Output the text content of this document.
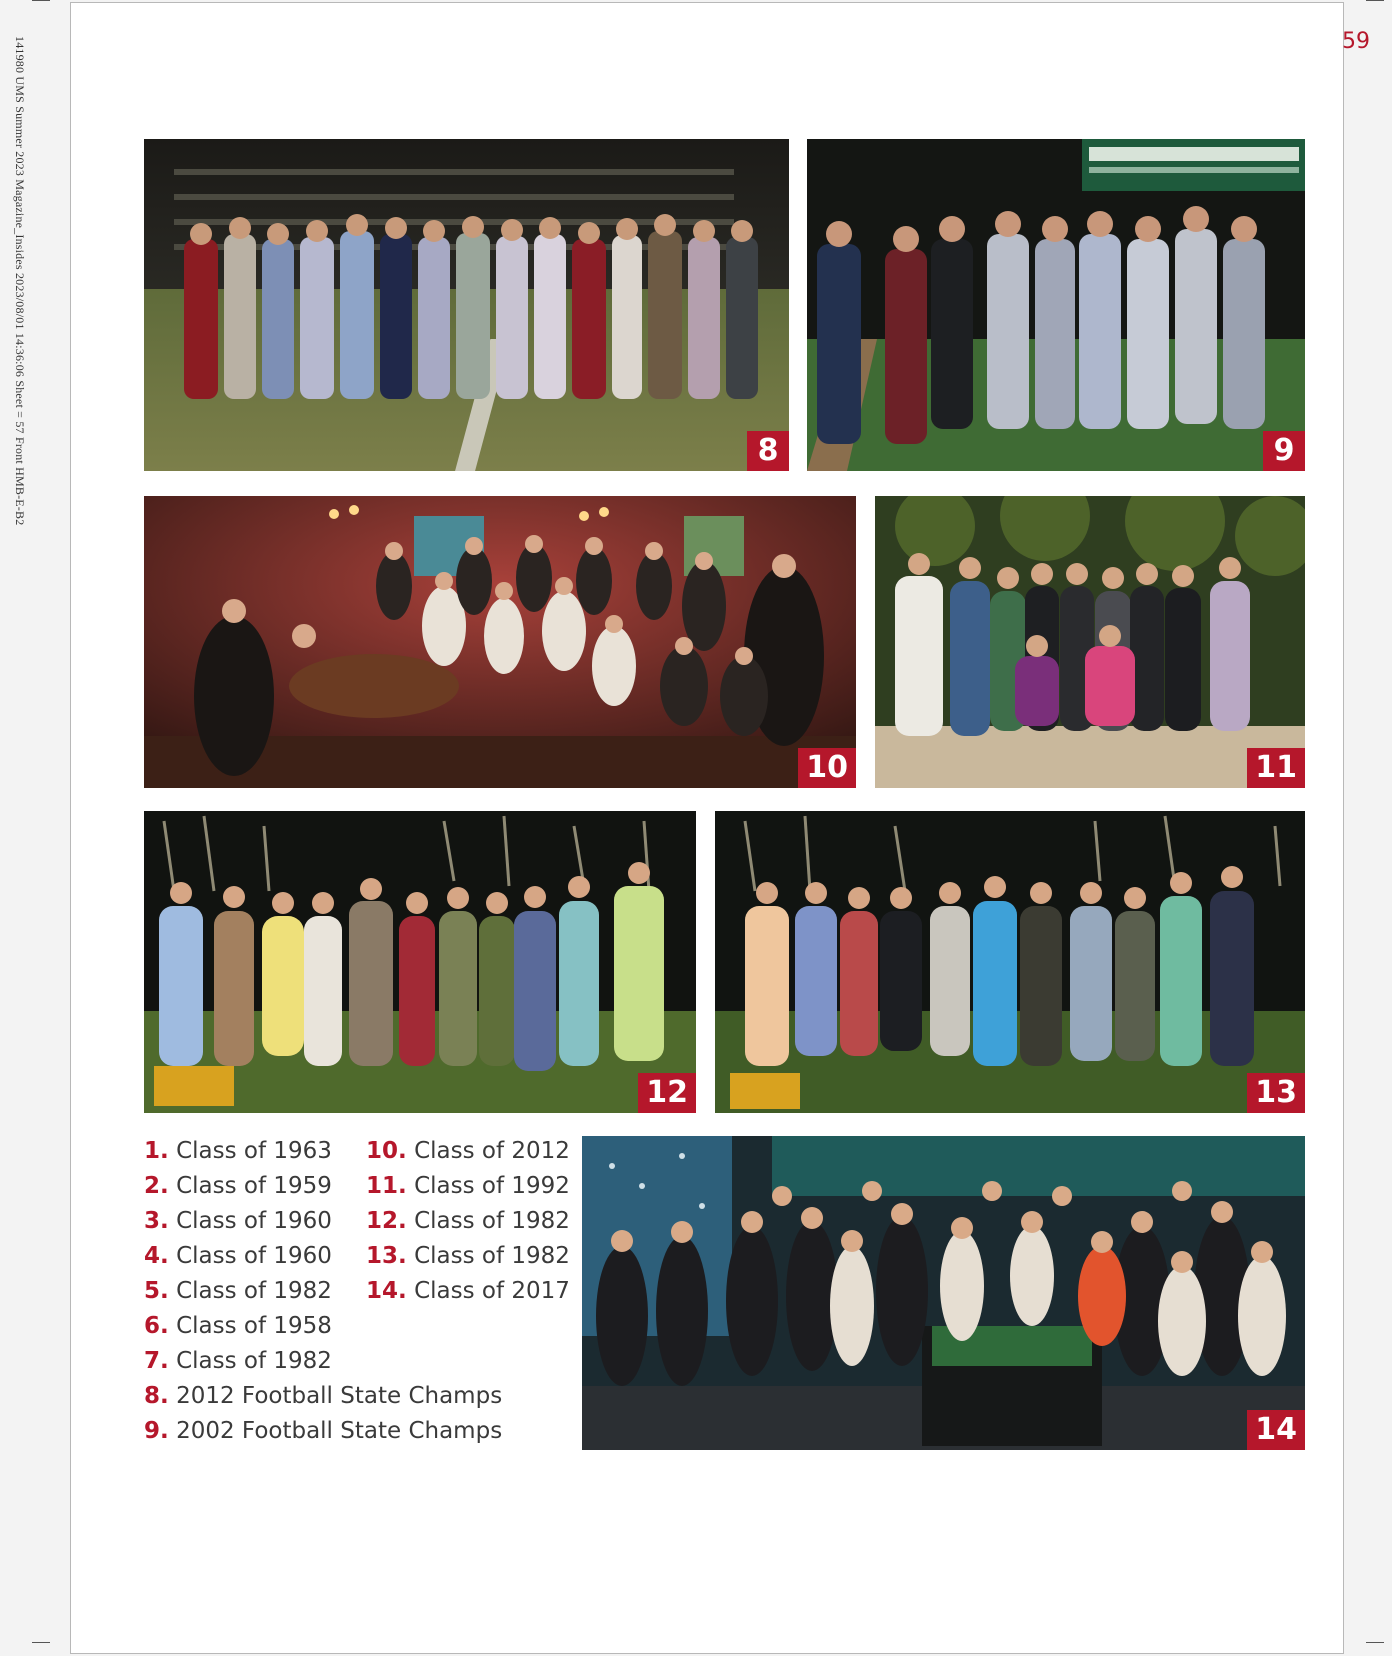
141980 UMS Summer 2023 Magazine_Insides 2023/08/01 14:36:06 Sheet = 57 Front HMB-E-B2	59
8	9
10	11
12	13
1. Class of 1963
2. Class of 1959
3. Class of 1960
4. Class of 1960
5. Class of 1982
6. Class of 1958
7. Class of 1982
8. 2012 Football State Champs
9. 2002 Football State Champs
10. Class of 2012
11. Class of 1992
12. Class of 1982
13. Class of 1982
14. Class of 2017
14
